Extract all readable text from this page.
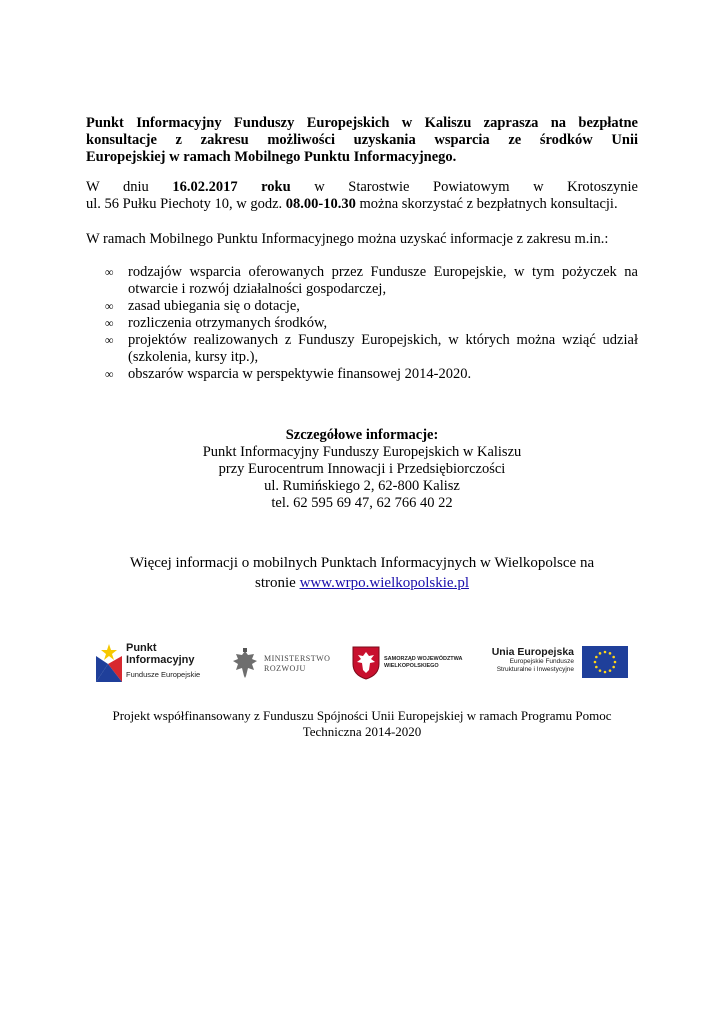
Punkt Informacyjny Funduszy Europejskich w Kaliszu zaprasza na bezpłatne
konsultacje z zakresu możliwości uzyskania wsparcia ze środków Unii
Europejskiej w ramach Mobilnego Punktu Informacyjnego.
W dniu 16.02.2017 roku w Starostwie Powiatowym w Krotoszynie
ul. 56 Pułku Piechoty 10, w godz. 08.00-10.30 można skorzystać z bezpłatnych konsultacji.
W ramach Mobilnego Punktu Informacyjnego można uzyskać informacje z zakresu m.in.:
∞ rodzajów wsparcia oferowanych przez Fundusze Europejskie, w tym pożyczek na otwarcie i rozwój działalności gospodarczej,
∞ zasad ubiegania się o dotacje,
∞ rozliczenia otrzymanych środków,
∞ projektów realizowanych z Funduszy Europejskich, w których można wziąć udział (szkolenia, kursy itp.),
∞ obszarów wsparcia w perspektywie finansowej 2014-2020.
Szczegółowe informacje:
Punkt Informacyjny Funduszy Europejskich w Kaliszu
przy Eurocentrum Innowacji i Przedsiębiorczości
ul. Rumińskiego 2, 62-800 Kalisz
tel. 62 595 69 47, 62 766 40 22
Więcej informacji o mobilnych Punktach Informacyjnych w Wielkopolsce na
stronie www.wrpo.wielkopolskie.pl
Punkt
Informacyjny
Fundusze Europejskie
MINISTERSTWO
ROZWOJU
SAMORZĄD WOJEWÓDZTWA
WIELKOPOLSKIEGO
Unia Europejska
Europejskie Fundusze
Strukturalne i Inwestycyjne
Projekt współfinansowany z Funduszu Spójności Unii Europejskiej w ramach Programu Pomoc
Techniczna 2014-2020
